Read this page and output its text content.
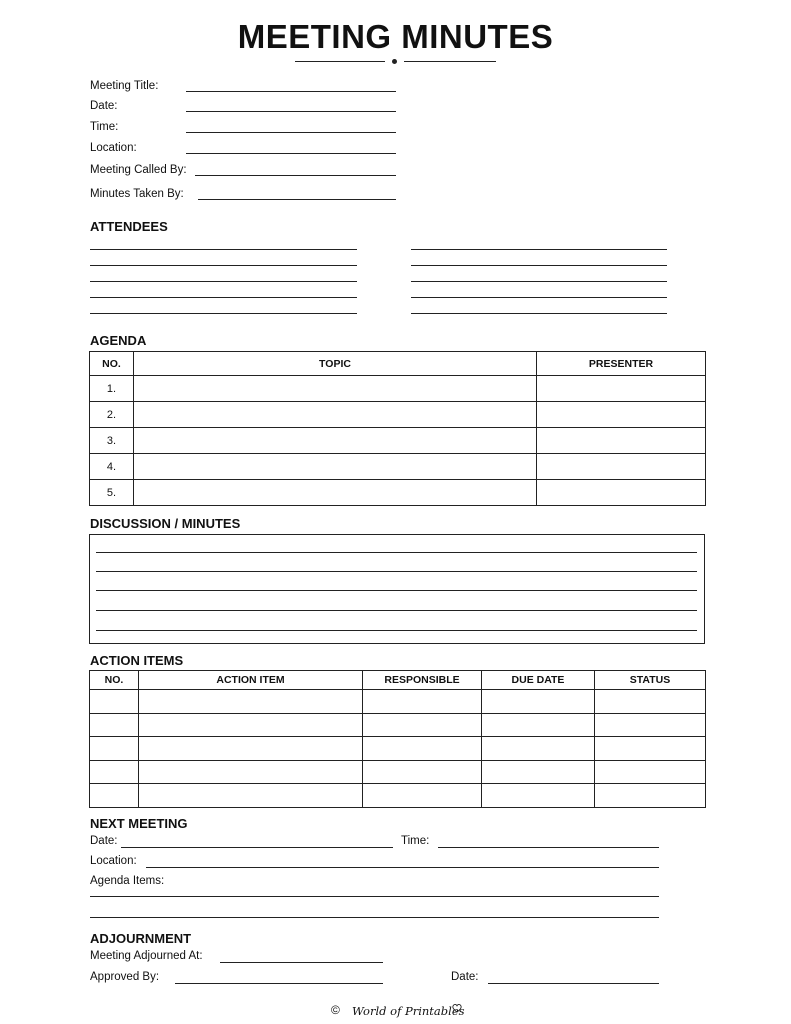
MEETING MINUTES
Meeting Title:
Date:
Time:
Location:
Meeting Called By:
Minutes Taken By:
ATTENDEES
AGENDA
NO.	TOPIC	PRESENTER
1.		
2.		
3.		
4.		
5.		
DISCUSSION / MINUTES
ACTION ITEMS
NO.	ACTION ITEM	RESPONSIBLE	DUE DATE	STATUS

NEXT MEETING
Date:	Time:
Location:
Agenda Items:
ADJOURNMENT
Meeting Adjourned At:
Approved By:	Date:
© World of Printables
